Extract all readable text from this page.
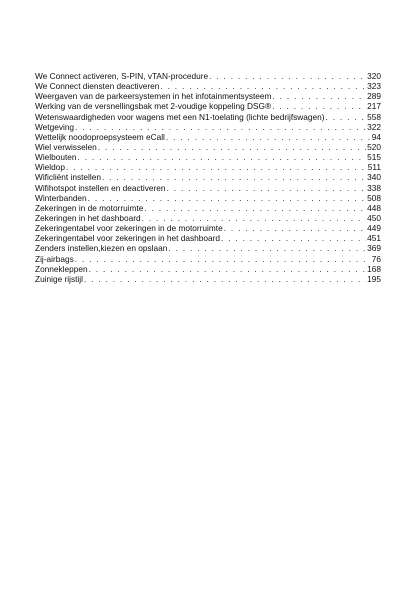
We Connect activeren, S-PIN, vTAN-procedure . . .	320
We Connect diensten deactiveren . . .	323
Weergaven van de parkeersystemen in het infotainmentsysteem . . .	289
Werking van de versnellingsbak met 2-voudige koppeling DSG® . . .	217
Wetenswaardigheden voor wagens met een N1-toelating (lichte bedrijfswagen) . . .	558
Wetgeving . . .	322
Wettelijk noodoproepsysteem eCall . . .	94
Wiel verwisselen . . .	520
Wielbouten . . .	515
Wieldop . . .	511
Wificliënt instellen . . .	340
Wifihotspot instellen en deactiveren . . .	338
Winterbanden . . .	508
Zekeringen in de motorruimte . . .	448
Zekeringen in het dashboard . . .	450
Zekeringentabel voor zekeringen in de motorruimte . . .	449
Zekeringentabel voor zekeringen in het dashboard . . .	451
Zenders instellen,kiezen en opslaan . . .	369
Zij-airbags . . .	76
Zonnekleppen . . .	168
Zuinige rijstijl . . .	195
